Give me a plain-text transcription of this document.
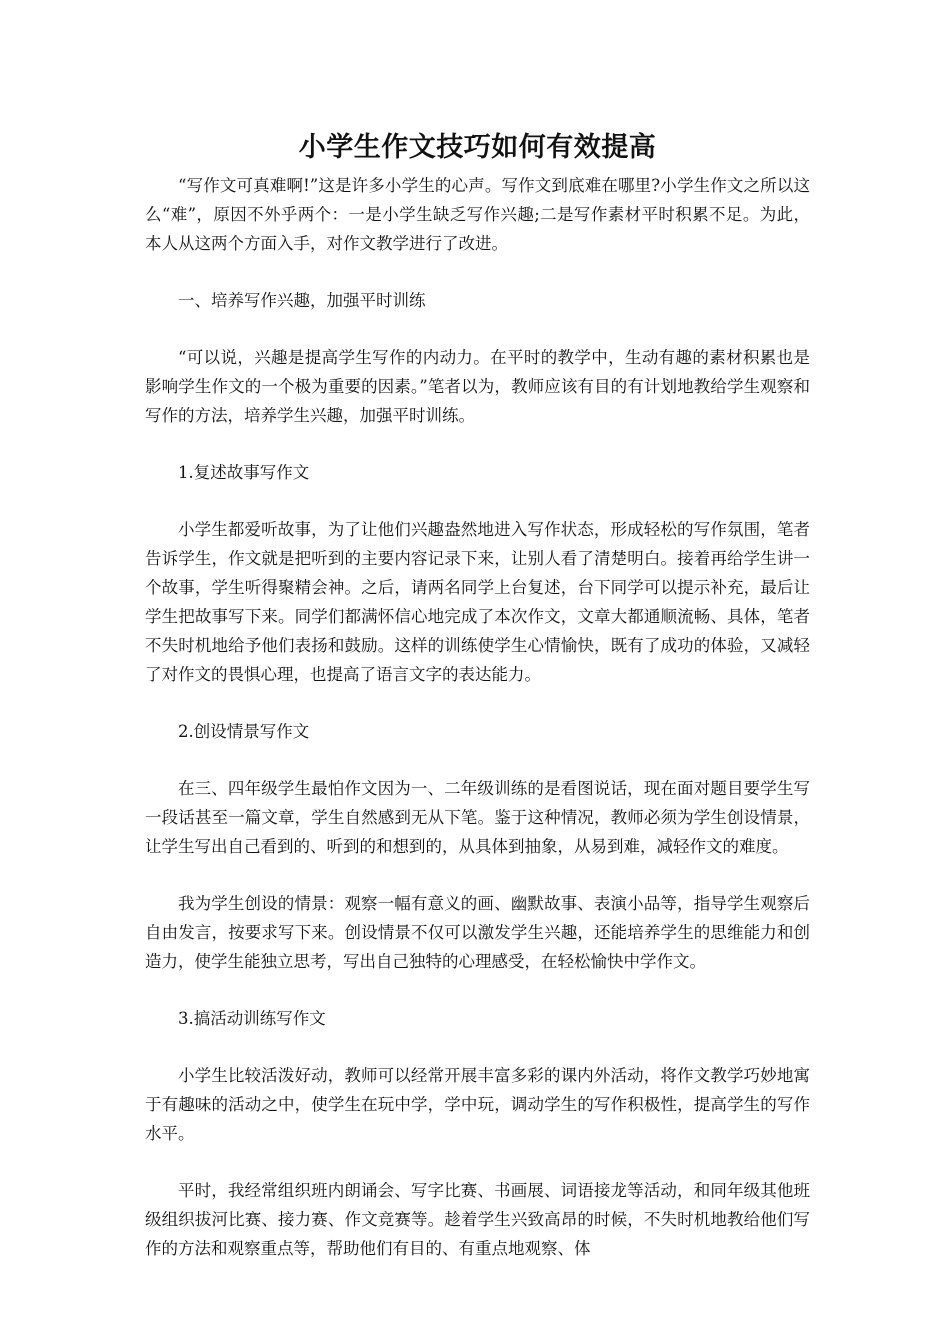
小学生作文技巧如何有效提高

“写作文可真难啊!”这是许多小学生的心声。写作文到底难在哪里?小学生作文之所以这么“难”，原因不外乎两个：一是小学生缺乏写作兴趣;二是写作素材平时积累不足。为此，本人从这两个方面入手，对作文教学进行了改进。

一、培养写作兴趣，加强平时训练

“可以说，兴趣是提高学生写作的内动力。在平时的教学中，生动有趣的素材积累也是影响学生作文的一个极为重要的因素。”笔者以为，教师应该有目的有计划地教给学生观察和写作的方法，培养学生兴趣，加强平时训练。

1.复述故事写作文

小学生都爱听故事，为了让他们兴趣盎然地进入写作状态，形成轻松的写作氛围，笔者告诉学生，作文就是把听到的主要内容记录下来，让别人看了清楚明白。接着再给学生讲一个故事，学生听得聚精会神。之后，请两名同学上台复述，台下同学可以提示补充，最后让学生把故事写下来。同学们都满怀信心地完成了本次作文，文章大都通顺流畅、具体，笔者不失时机地给予他们表扬和鼓励。这样的训练使学生心情愉快，既有了成功的体验，又减轻了对作文的畏惧心理，也提高了语言文字的表达能力。

2.创设情景写作文

在三、四年级学生最怕作文因为一、二年级训练的是看图说话，现在面对题目要学生写一段话甚至一篇文章，学生自然感到无从下笔。鉴于这种情况，教师必须为学生创设情景，让学生写出自己看到的、听到的和想到的，从具体到抽象，从易到难，减轻作文的难度。

我为学生创设的情景：观察一幅有意义的画、幽默故事、表演小品等，指导学生观察后自由发言，按要求写下来。创设情景不仅可以激发学生兴趣，还能培养学生的思维能力和创造力，使学生能独立思考，写出自己独特的心理感受，在轻松愉快中学作文。

3.搞活动训练写作文

小学生比较活泼好动，教师可以经常开展丰富多彩的课内外活动，将作文教学巧妙地寓于有趣味的活动之中，使学生在玩中学，学中玩，调动学生的写作积极性，提高学生的写作水平。

平时，我经常组织班内朗诵会、写字比赛、书画展、词语接龙等活动，和同年级其他班级组织拔河比赛、接力赛、作文竞赛等。趁着学生兴致高昂的时候，不失时机地教给他们写作的方法和观察重点等，帮助他们有目的、有重点地观察、体
